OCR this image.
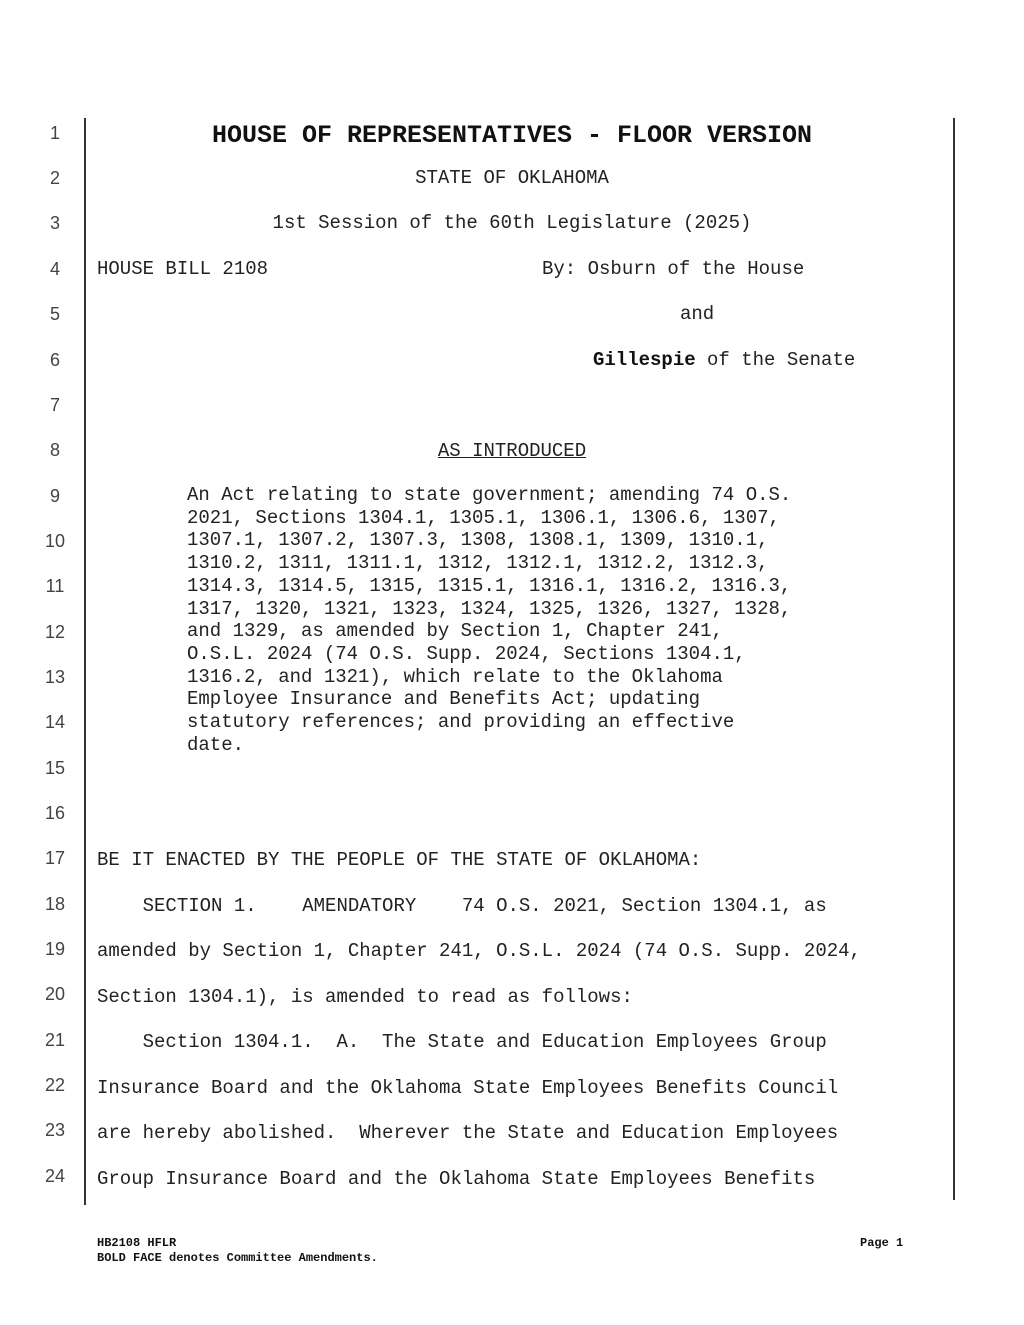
1
2
3
4
5
6
7
8
9
10
11
12
13
14
15
16
17
18
19
20
21
22
23
24
HOUSE OF REPRESENTATIVES - FLOOR VERSION
STATE OF OKLAHOMA
1st Session of the 60th Legislature (2025)
HOUSE BILL 2108	By: Osburn of the House
and
Gillespie of the Senate
AS INTRODUCED
An Act relating to state government; amending 74 O.S.
2021, Sections 1304.1, 1305.1, 1306.1, 1306.6, 1307,
1307.1, 1307.2, 1307.3, 1308, 1308.1, 1309, 1310.1,
1310.2, 1311, 1311.1, 1312, 1312.1, 1312.2, 1312.3,
1314.3, 1314.5, 1315, 1315.1, 1316.1, 1316.2, 1316.3,
1317, 1320, 1321, 1323, 1324, 1325, 1326, 1327, 1328,
and 1329, as amended by Section 1, Chapter 241,
O.S.L. 2024 (74 O.S. Supp. 2024, Sections 1304.1,
1316.2, and 1321), which relate to the Oklahoma
Employee Insurance and Benefits Act; updating
statutory references; and providing an effective
date.
BE IT ENACTED BY THE PEOPLE OF THE STATE OF OKLAHOMA:
SECTION 1.    AMENDATORY    74 O.S. 2021, Section 1304.1, as
amended by Section 1, Chapter 241, O.S.L. 2024 (74 O.S. Supp. 2024,
Section 1304.1), is amended to read as follows:
Section 1304.1.  A.  The State and Education Employees Group
Insurance Board and the Oklahoma State Employees Benefits Council
are hereby abolished.  Wherever the State and Education Employees
Group Insurance Board and the Oklahoma State Employees Benefits
HB2108 HFLR
BOLD FACE denotes Committee Amendments.
Page 1
